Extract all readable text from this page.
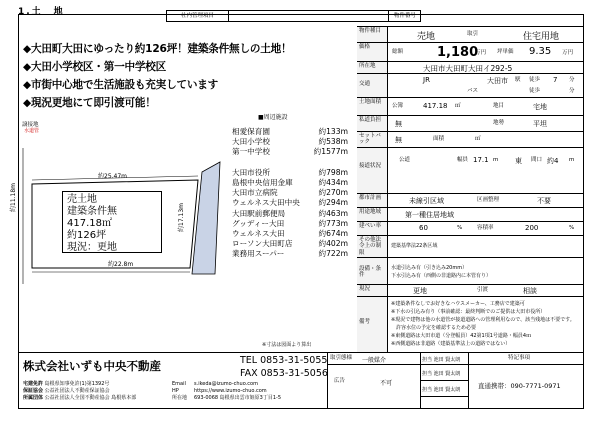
1.土　地	社内管理項目	物件番号
◆大田町大田にゆったり約126坪！建築条件無しの土地！
◆大田小学校区・第一中学校区
◆市街中心地で生活施設も充実しています
◆現況更地にて即引渡可能！
■周辺施設
相愛保育園	約133m
大田小学校	約538m
第一中学校	約1577m
大田市役所	約798m
島根中央信用金庫	約434m
大田市立病院	約270m
ウェルネス大田中央 約294m
大田駅前郵便局	約463m
グッディー大田	約773m
ウェルネス大田	約674m
ローソン大田町店	約402m
業務用スーパー	約722m
譲接地
水道管
約25.47m
約11.18m
約17.13m
約22.8m
※寸法は図面より算出
売土地
建築条件無
417.18㎡
約126坪
現況：更地
株式会社いずも中央不動産	TEL 0853-31-5055
FAX 0853-31-5056
宅建免許 島根県知事免許(1)第1392号
保証協会 公益社団法人不動産保証協会
所属団体 公益社団法人全国不動産協会 島根県本部
Email s.ikeda@izumo-chuo.com
HP	https://www.izumo-chuo.com
所在地 693-0068 島根県出雲市姫原3丁目1-5
取引態様 一般媒介
広告	不可
担当 池田 賢太朗
担当 池田 賢太朗
担当 池田 賢太朗
特記事項
直通携帯：090-7771-0971
物件種目
売地	取引	住宅用地
価格
総額	1,180
万円 坪単価 9.35 万円
所在地	大田市大田町大田イ292-5
交通	JR	大田市 駅 徒歩 7 分
バス	徒歩	分
土地面積
公簿	417.18 ㎡	地目	宅地
私道負担	無	地勢	平坦
セットバック	無	面積	㎡
接道状況
公道	幅員 17.1 m 東 間口 約4 m
都市計画	未線引区域	区画整理	不要
用途地域	第一種住居地域
建ぺい率	60	%	容積率	200	%
その他法令上の制限
建築基準法22条区域
設備・条件
水道引込み有（引き込み20mm）
下水引込み有（西側の非道路内に本管有り）
現況	更地	引渡	相談
備考
※建築条件なしでお好きなハウスメーカー、工務店で建築可
※下水の引込み有り（事前確認：最終判断でのご提供は大田市役所）
※現況で建物は他の水道管が接道道路への管理利用なので、該当残地は不要です。
　許容水位の予定を確認するため必要
※東側道路は大田市道（分登幅員）42第1項1号道路・幅員4ｍ
※西側道路は非道路（建築基準法上の道路ではない）
